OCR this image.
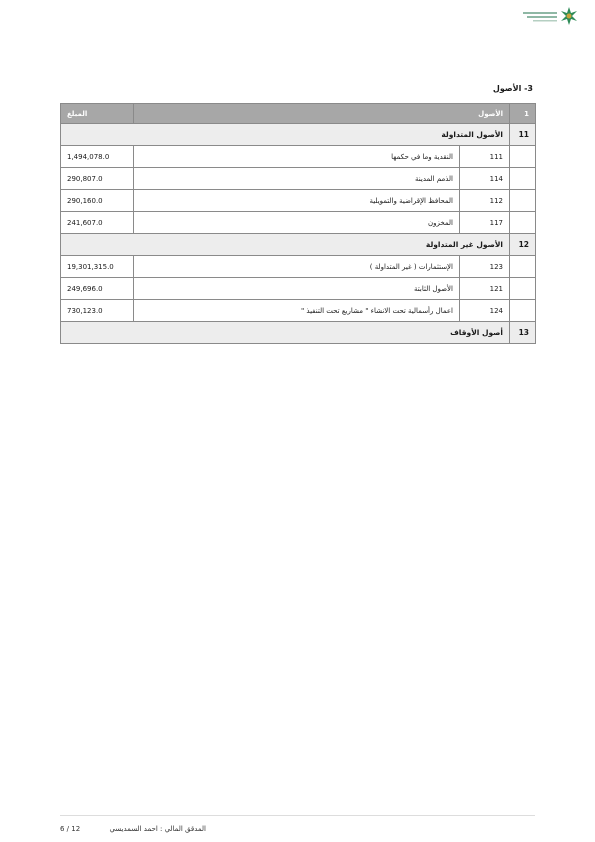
3- الأصول
1	الأصول		المبلغ
11	الأصول المتداولة		
	111	النقدية وما في حكمها	1,494,078.0
	114	الذمم المدينة	290,807.0
	112	المحافظ الإقراضية والتمويلية	290,160.0
	117	المخزون	241,607.0
12	الأصول غير المتداولة		
	123	الإستثمارات ( غير المتداولة )	19,301,315.0
	121	الأصول الثابتة	249,696.0
	124	اعمال رأسمالية تحت الانشاء " مشاريع تحت التنفيذ "	730,123.0
13	أصول الأوقاف		
المدقق المالي : احمد السمديسي
6 / 12
